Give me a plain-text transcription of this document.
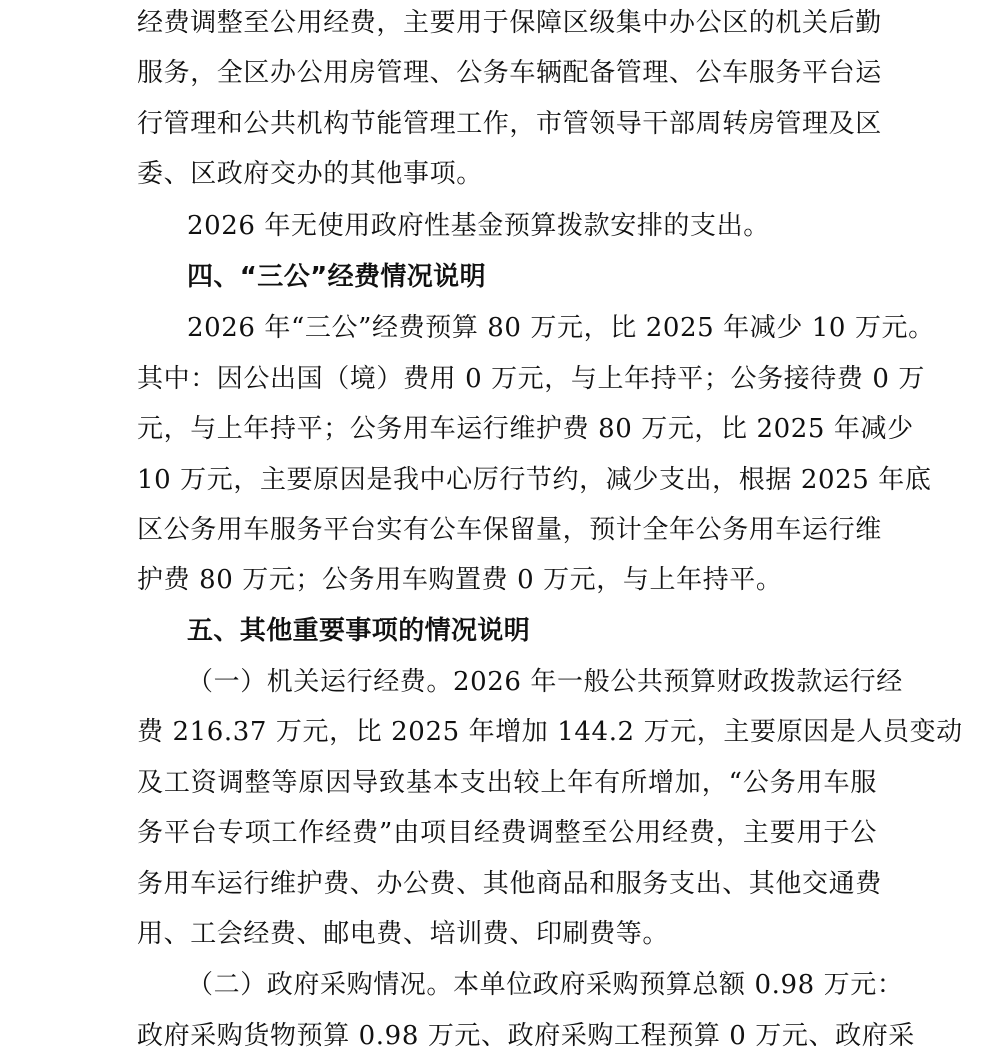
经费调整至公用经费，主要用于保障区级集中办公区的机关后勤
服务，全区办公用房管理、公务车辆配备管理、公车服务平台运
行管理和公共机构节能管理工作，市管领导干部周转房管理及区
委、区政府交办的其他事项。
2026 年无使用政府性基金预算拨款安排的支出。
四、“三公”经费情况说明
2026 年“三公”经费预算 80 万元，比 2025 年减少 10 万元。
其中：因公出国（境）费用 0 万元，与上年持平；公务接待费 0 万
元，与上年持平；公务用车运行维护费 80 万元，比 2025 年减少
10 万元，主要原因是我中心厉行节约，减少支出，根据 2025 年底
区公务用车服务平台实有公车保留量，预计全年公务用车运行维
护费 80 万元；公务用车购置费 0 万元，与上年持平。
五、其他重要事项的情况说明
（一）机关运行经费。2026 年一般公共预算财政拨款运行经
费 216.37 万元，比 2025 年增加 144.2 万元，主要原因是人员变动
及工资调整等原因导致基本支出较上年有所增加，“公务用车服
务平台专项工作经费”由项目经费调整至公用经费，主要用于公
务用车运行维护费、办公费、其他商品和服务支出、其他交通费
用、工会经费、邮电费、培训费、印刷费等。
（二）政府采购情况。本单位政府采购预算总额 0.98 万元：
政府采购货物预算 0.98 万元、政府采购工程预算 0 万元、政府采
